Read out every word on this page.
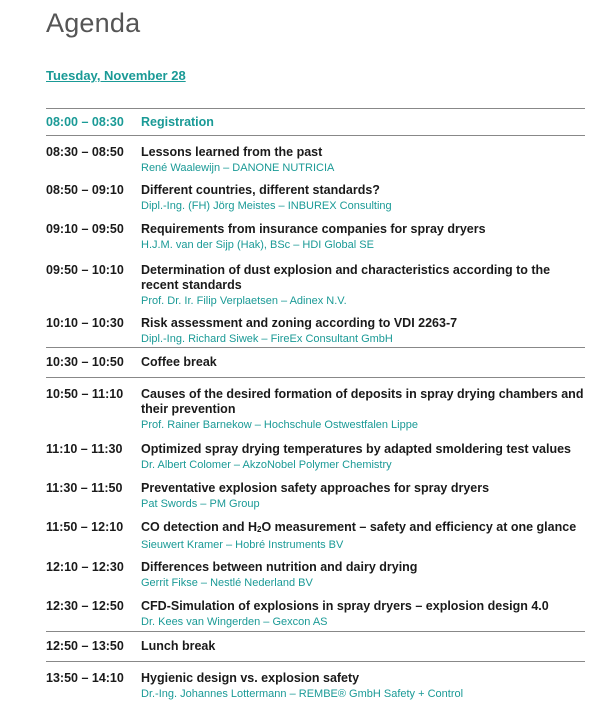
Agenda
Tuesday, November 28
08:00 – 08:30	Registration
08:30 – 08:50	Lessons learned from the past
René Waalewijn – DANONE NUTRICIA
08:50 – 09:10	Different countries, different standards?
Dipl.-Ing. (FH) Jörg Meistes – INBUREX Consulting
09:10 – 09:50	Requirements from insurance companies for spray dryers
H.J.M. van der Sijp (Hak), BSc – HDI Global SE
09:50 – 10:10	Determination of dust explosion and characteristics according to the recent standards
Prof. Dr. Ir. Filip Verplaetsen – Adinex N.V.
10:10 – 10:30	Risk assessment and zoning according to VDI 2263-7
Dipl.-Ing. Richard Siwek – FireEx Consultant GmbH
10:30 – 10:50	Coffee break
10:50 – 11:10	Causes of the desired formation of deposits in spray drying chambers and their prevention
Prof. Rainer Barnekow – Hochschule Ostwestfalen Lippe
11:10 – 11:30	Optimized spray drying temperatures by adapted smoldering test values
Dr. Albert Colomer – AkzoNobel Polymer Chemistry
11:30 – 11:50	Preventative explosion safety approaches for spray dryers
Pat Swords – PM Group
11:50 – 12:10	CO detection and $H_2O$ measurement – safety and efficiency at one glance
Sieuwert Kramer – Hobré Instruments BV
12:10 – 12:30	Differences between nutrition and dairy drying
Gerrit Fikse – Nestlé Nederland BV
12:30 – 12:50	CFD-Simulation of explosions in spray dryers – explosion design 4.0
Dr. Kees van Wingerden – Gexcon AS
12:50 – 13:50	Lunch break
13:50 – 14:10	Hygienic design vs. explosion safety
Dr.-Ing. Johannes Lottermann – REMBE® GmbH Safety + Control
